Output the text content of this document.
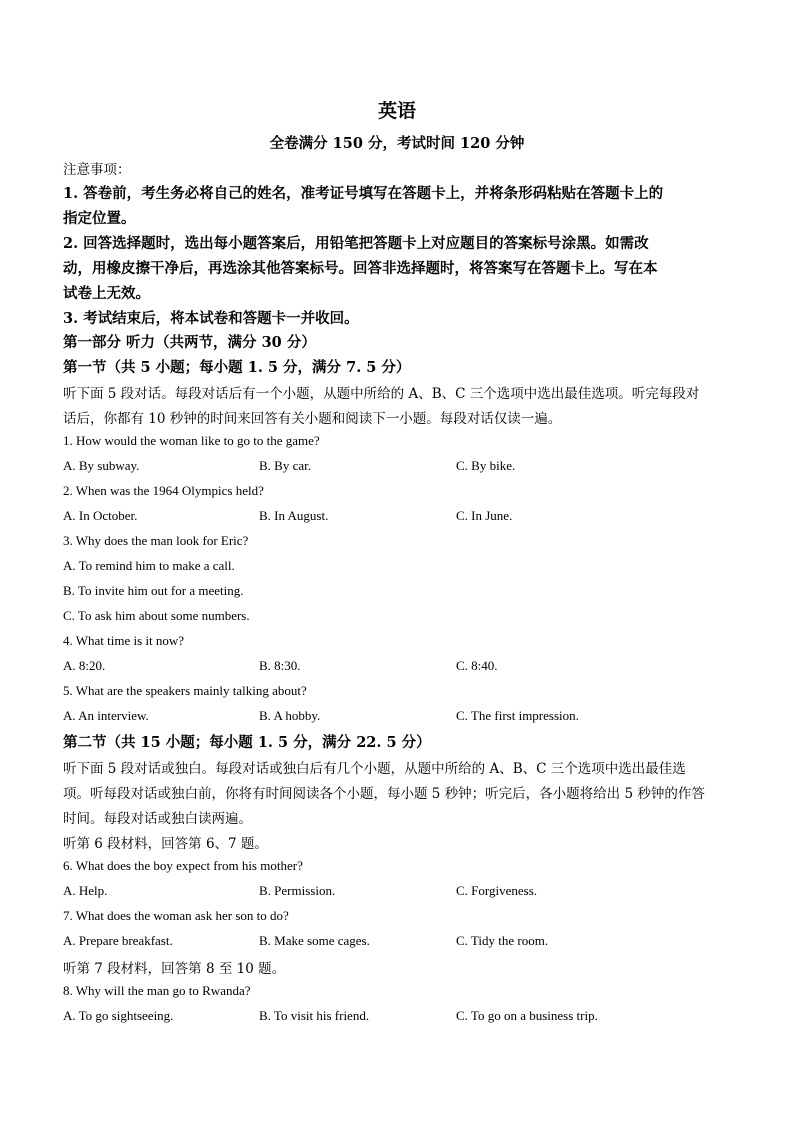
英语
全卷满分 150 分，考试时间 120 分钟
注意事项：
1. 答卷前，考生务必将自己的姓名，准考证号填写在答题卡上，并将条形码粘贴在答题卡上的
指定位置。
2. 回答选择题时，选出每小题答案后，用铅笔把答题卡上对应题目的答案标号涂黑。如需改
动，用橡皮擦干净后，再选涂其他答案标号。回答非选择题时，将答案写在答题卡上。写在本
试卷上无效。
3. 考试结束后，将本试卷和答题卡一并收回。
第一部分 听力（共两节，满分 30 分）
第一节（共 5 小题；每小题 1. 5 分，满分 7. 5 分）
听下面 5 段对话。每段对话后有一个小题，从题中所给的 A、B、C 三个选项中选出最佳选项。听完每段对
话后，你都有 10 秒钟的时间来回答有关小题和阅读下一小题。每段对话仅读一遍。
1. How would the woman like to go to the game?
A. By subway.	B. By car.	C. By bike.
2. When was the 1964 Olympics held?
A. In October.	B. In August.	C. In June.
3. Why does the man look for Eric?
A. To remind him to make a call.
B. To invite him out for a meeting.
C. To ask him about some numbers.
4. What time is it now?
A. 8:20.	B. 8:30.	C. 8:40.
5. What are the speakers mainly talking about?
A. An interview.	B. A hobby.	C. The first impression.
第二节（共 15 小题；每小题 1. 5 分，满分 22. 5 分）
听下面 5 段对话或独白。每段对话或独白后有几个小题，从题中所给的 A、B、C 三个选项中选出最佳选
项。听每段对话或独白前，你将有时间阅读各个小题，每小题 5 秒钟；听完后，各小题将给出 5 秒钟的作答
时间。每段对话或独白读两遍。
听第 6 段材料，回答第 6、7 题。
6. What does the boy expect from his mother?
A. Help.	B. Permission.	C. Forgiveness.
7. What does the woman ask her son to do?
A. Prepare breakfast.	B. Make some cages.	C. Tidy the room.
听第 7 段材料，回答第 8 至 10 题。
8. Why will the man go to Rwanda?
A. To go sightseeing.	B. To visit his friend.	C. To go on a business trip.
